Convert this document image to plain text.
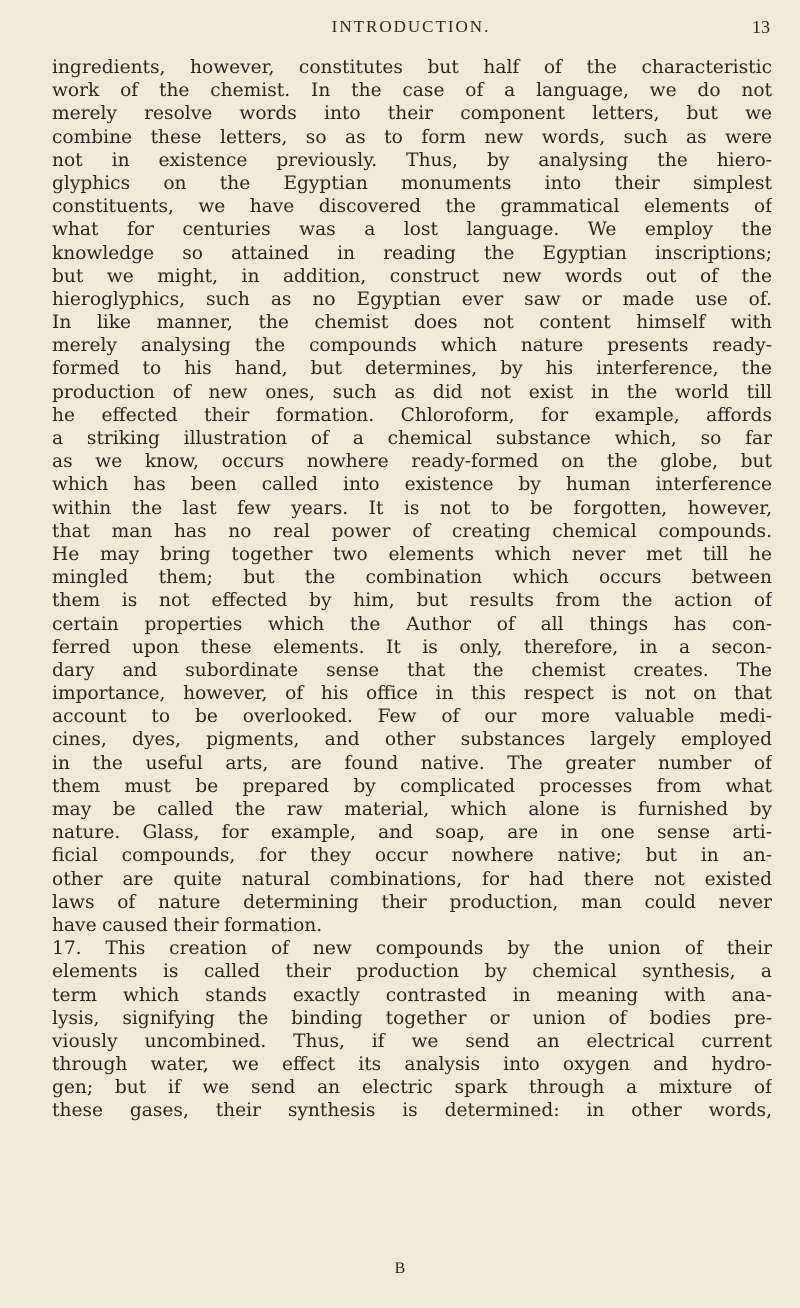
INTRODUCTION.	13
ingredients, however, constitutes but half of the characteristic
work of the chemist. In the case of a language, we do not
merely resolve words into their component letters, but we
combine these letters, so as to form new words, such as were
not in existence previously. Thus, by analysing the hiero-
glyphics on the Egyptian monuments into their simplest
constituents, we have discovered the grammatical elements of
what for centuries was a lost language. We employ the
knowledge so attained in reading the Egyptian inscriptions;
but we might, in addition, construct new words out of the
hieroglyphics, such as no Egyptian ever saw or made use of.
In like manner, the chemist does not content himself with
merely analysing the compounds which nature presents ready-
formed to his hand, but determines, by his interference, the
production of new ones, such as did not exist in the world till
he effected their formation. Chloroform, for example, affords
a striking illustration of a chemical substance which, so far
as we know, occurs nowhere ready-formed on the globe, but
which has been called into existence by human interference
within the last few years. It is not to be forgotten, however,
that man has no real power of creating chemical compounds.
He may bring together two elements which never met till he
mingled them; but the combination which occurs between
them is not effected by him, but results from the action of
certain properties which the Author of all things has con-
ferred upon these elements. It is only, therefore, in a secon-
dary and subordinate sense that the chemist creates. The
importance, however, of his office in this respect is not on that
account to be overlooked. Few of our more valuable medi-
cines, dyes, pigments, and other substances largely employed
in the useful arts, are found native. The greater number of
them must be prepared by complicated processes from what
may be called the raw material, which alone is furnished by
nature. Glass, for example, and soap, are in one sense arti-
ficial compounds, for they occur nowhere native; but in an-
other are quite natural combinations, for had there not existed
laws of nature determining their production, man could never
have caused their formation.
17. This creation of new compounds by the union of their
elements is called their production by chemical synthesis, a
term which stands exactly contrasted in meaning with ana-
lysis, signifying the binding together or union of bodies pre-
viously uncombined. Thus, if we send an electrical current
through water, we effect its analysis into oxygen and hydro-
gen; but if we send an electric spark through a mixture of
these gases, their synthesis is determined: in other words,
B
